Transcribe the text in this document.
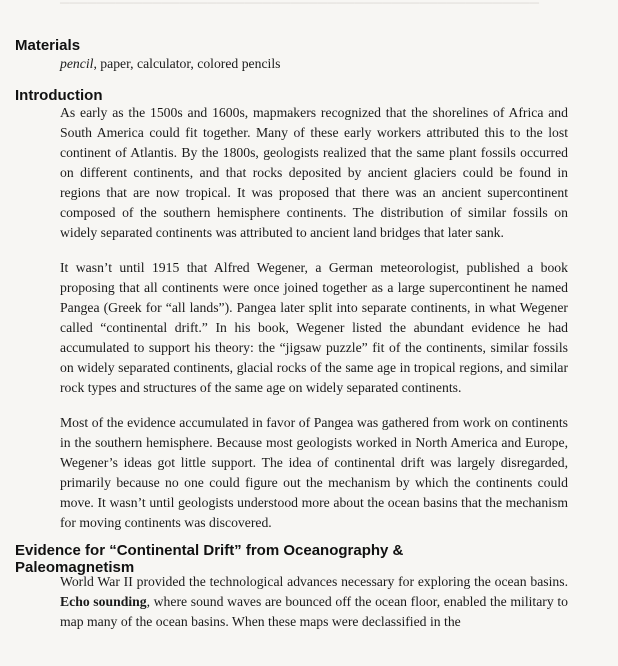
────────────────────────────────────────────────────
Materials

pencil, paper, calculator, colored pencils

Introduction

As early as the 1500s and 1600s, mapmakers recognized that the shorelines of Africa and South America could fit together. Many of these early workers attributed this to the lost continent of Atlantis. By the 1800s, geologists realized that the same plant fossils occurred on different continents, and that rocks deposited by ancient glaciers could be found in regions that are now tropical. It was proposed that there was an ancient supercontinent composed of the southern hemisphere continents. The distribution of similar fossils on widely separated continents was attributed to ancient land bridges that later sank.

It wasn’t until 1915 that Alfred Wegener, a German meteorologist, published a book proposing that all continents were once joined together as a large supercontinent he named Pangea (Greek for “all lands”). Pangea later split into separate continents, in what Wegener called “continental drift.” In his book, Wegener listed the abundant evidence he had accumulated to support his theory: the “jigsaw puzzle” fit of the continents, similar fossils on widely separated continents, glacial rocks of the same age in tropical regions, and similar rock types and structures of the same age on widely separated continents.

Most of the evidence accumulated in favor of Pangea was gathered from work on continents in the southern hemisphere. Because most geologists worked in North America and Europe, Wegener’s ideas got little support. The idea of continental drift was largely disregarded, primarily because no one could figure out the mechanism by which the continents could move. It wasn’t until geologists understood more about the ocean basins that the mechanism for moving continents was discovered.

Evidence for “Continental Drift” from Oceanography & Paleomagnetism

World War II provided the technological advances necessary for exploring the ocean basins. Echo sounding, where sound waves are bounced off the ocean floor, enabled the military to map many of the ocean basins. When these maps were declassified in the
